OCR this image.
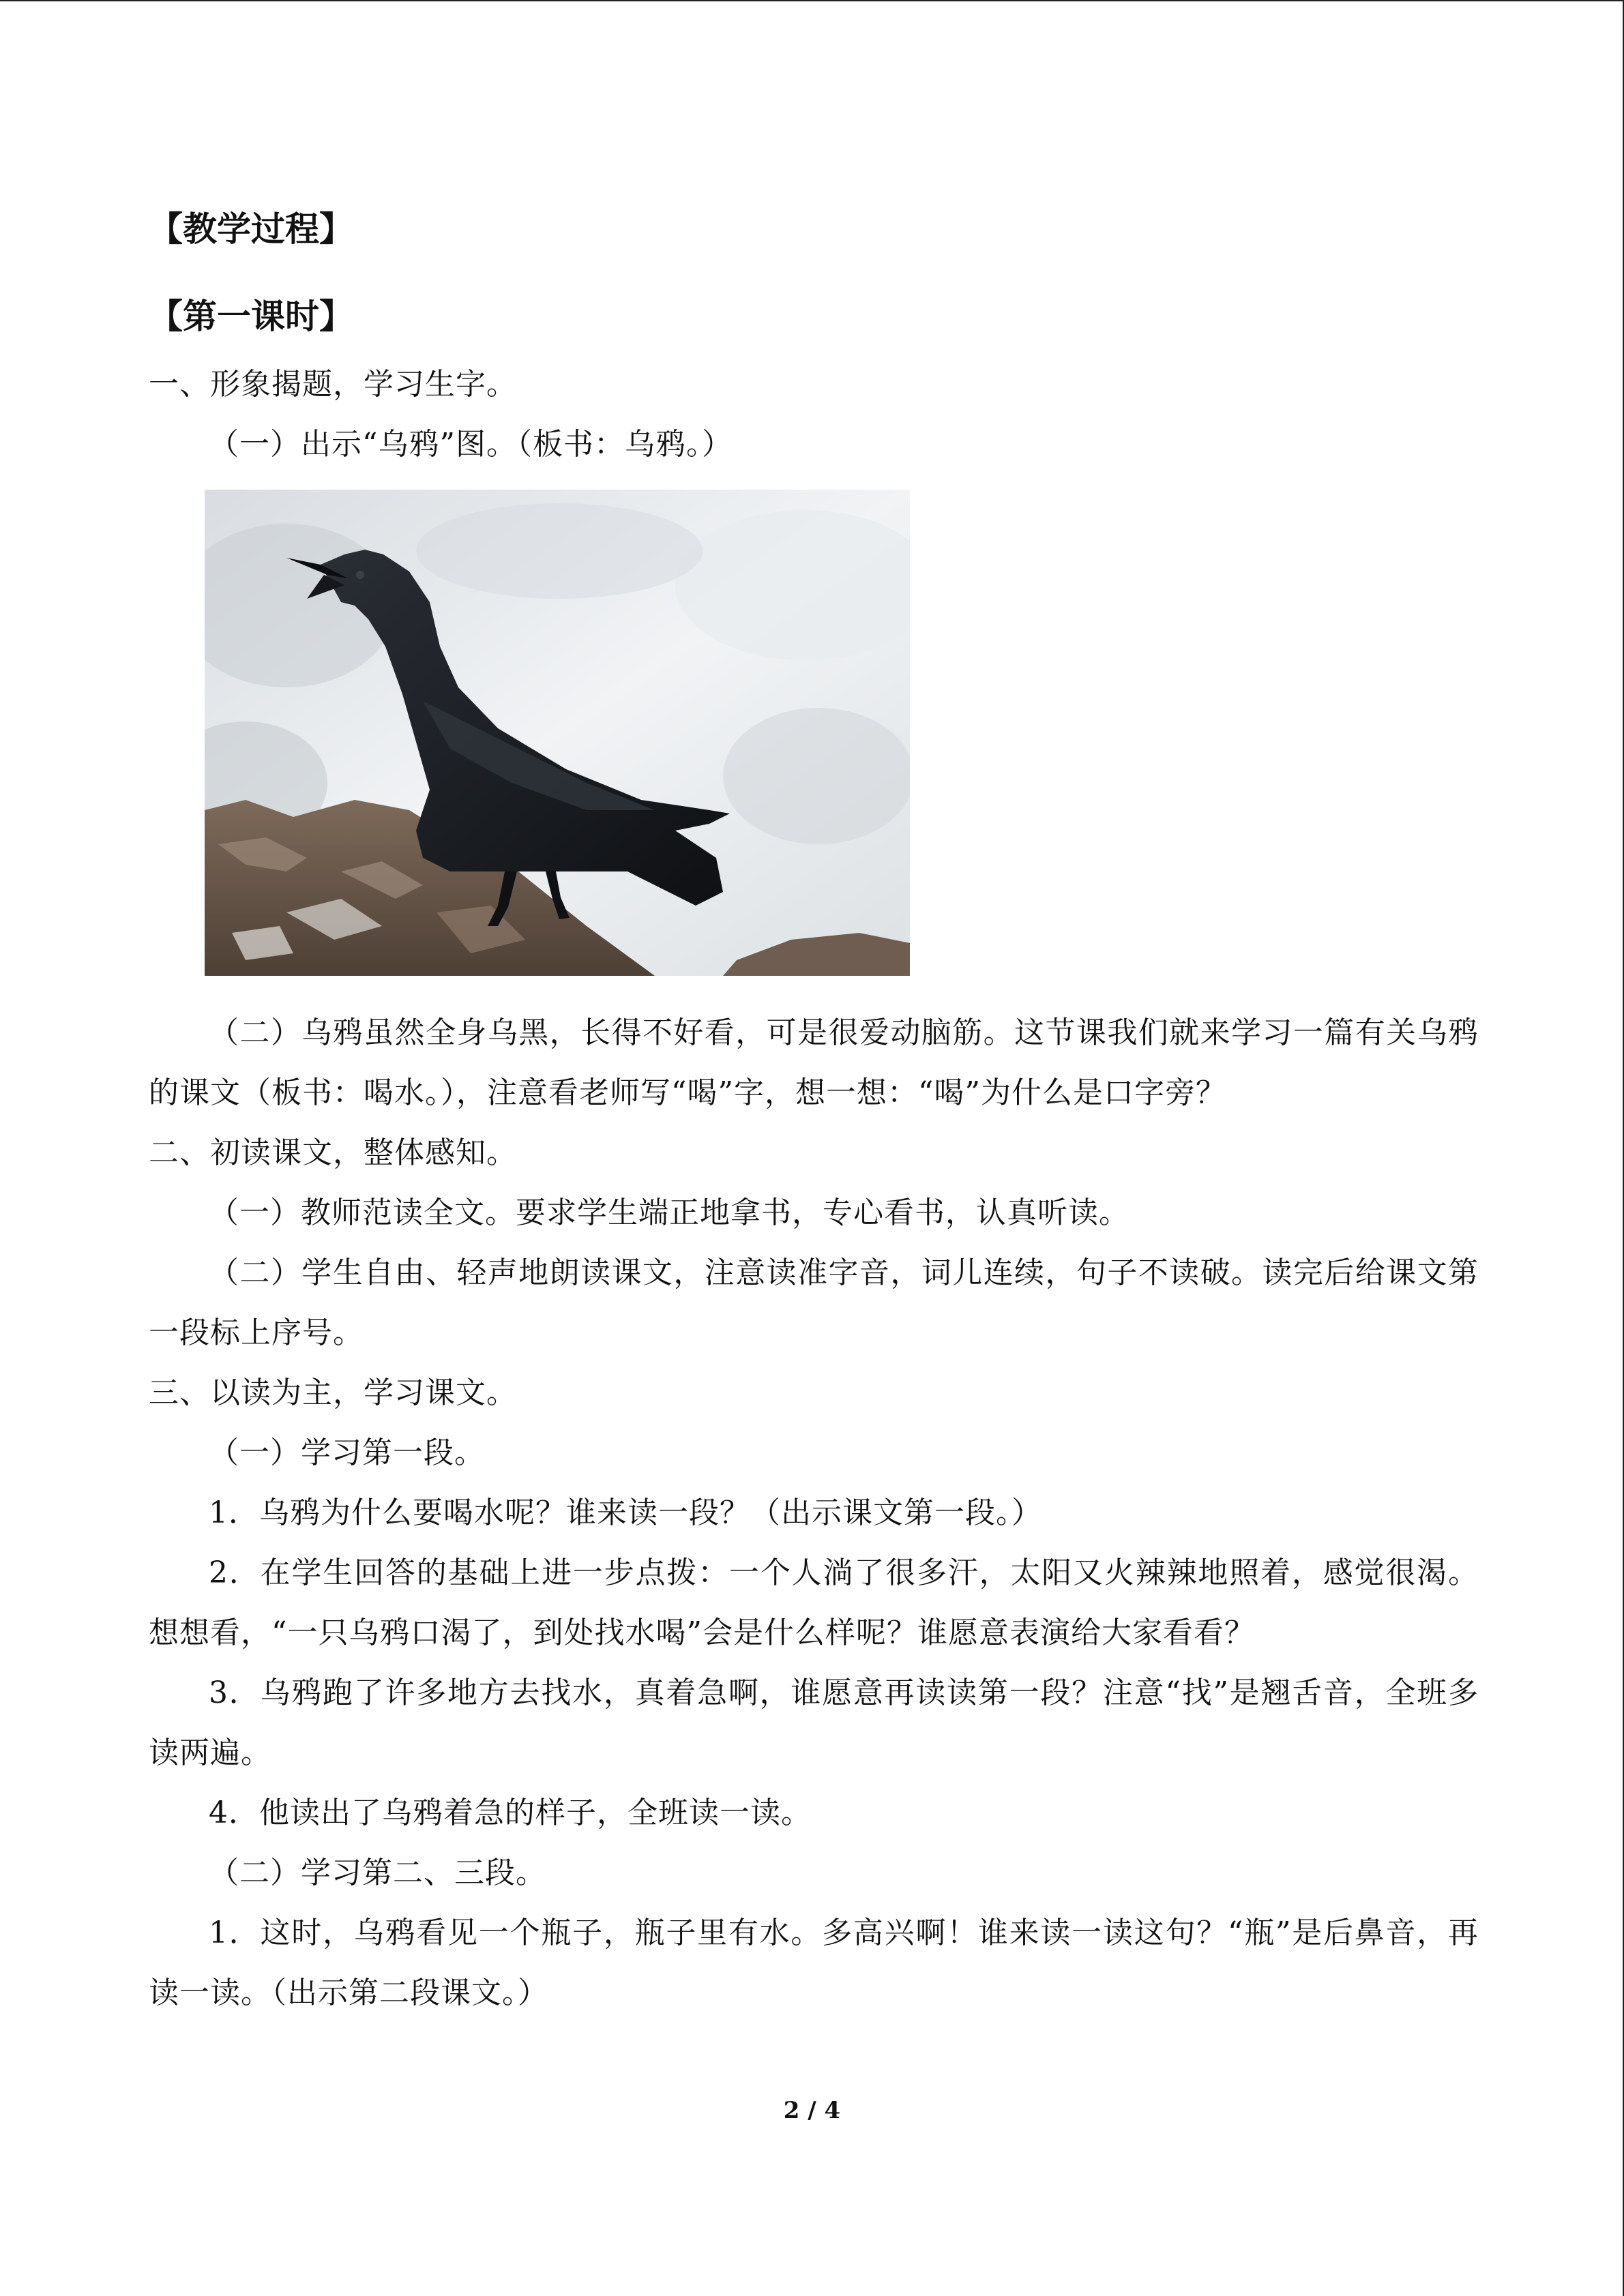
【教学过程】
【第一课时】

一、形象揭题，学习生字。

（一）出示“乌鸦”图。（板书：乌鸦。）

（二）乌鸦虽然全身乌黑，长得不好看，可是很爱动脑筋。这节课我们就来学习一篇有关乌鸦的课文（板书：喝水。），注意看老师写“喝”字，想一想：“喝”为什么是口字旁？

二、初读课文，整体感知。

（一）教师范读全文。要求学生端正地拿书，专心看书，认真听读。

（二）学生自由、轻声地朗读课文，注意读准字音，词儿连续，句子不读破。读完后给课文第一段标上序号。

三、以读为主，学习课文。

（一）学习第一段。

1．乌鸦为什么要喝水呢？谁来读一段？（出示课文第一段。）

2．在学生回答的基础上进一步点拨：一个人淌了很多汗，太阳又火辣辣地照着，感觉很渴。想想看，“一只乌鸦口渴了，到处找水喝”会是什么样呢？谁愿意表演给大家看看？

3．乌鸦跑了许多地方去找水，真着急啊，谁愿意再读读第一段？注意“找”是翘舌音，全班多读两遍。

4．他读出了乌鸦着急的样子，全班读一读。

（二）学习第二、三段。

1．这时，乌鸦看见一个瓶子，瓶子里有水。多高兴啊！谁来读一读这句？“瓶”是后鼻音，再读一读。（出示第二段课文。）

2 / 4
